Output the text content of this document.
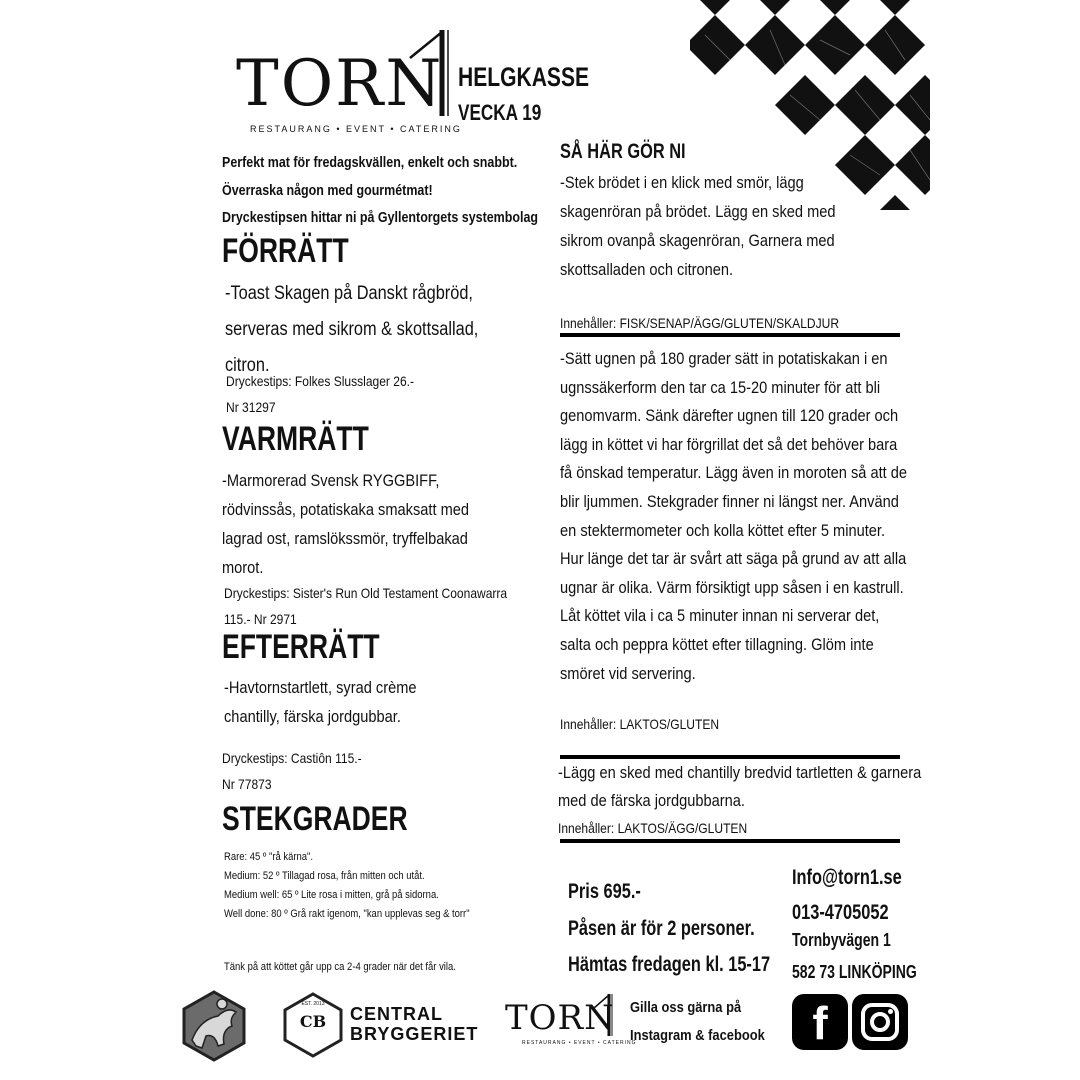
TORN
RESTAURANG • EVENT • CATERING
HELGKASSE
VECKA 19
Perfekt mat för fredagskvällen, enkelt och snabbt.
Överraska någon med gourmétmat!
Dryckestipsen hittar ni på Gyllentorgets systembolag
FÖRRÄTT
-Toast Skagen på Danskt rågbröd,
serveras med sikrom & skottsallad,
citron.
Dryckestips: Folkes Slusslager 26.-
Nr 31297
VARMRÄTT
-Marmorerad Svensk RYGGBIFF,
rödvinssås, potatiskaka smaksatt med
lagrad ost, ramslökssmör, tryffelbakad
morot.
Dryckestips: Sister's Run Old Testament Coonawarra
115.- Nr 2971
EFTERRÄTT
-Havtornstartlett, syrad crème
chantilly, färska jordgubbar.
Dryckestips: Castiôn 115.-
Nr 77873
STEKGRADER
Rare: 45 º "rå kärna".
Medium: 52 º Tillagad rosa, från mitten och utåt.
Medium well: 65 º Lite rosa i mitten, grå på sidorna.
Well done: 80 º Grå rakt igenom, "kan upplevas seg & torr"
Tänk på att köttet går upp ca 2-4 grader när det får vila.
SÅ HÄR GÖR NI
-Stek brödet i en klick med smör, lägg
skagenröran på brödet. Lägg en sked med
sikrom ovanpå skagenröran, Garnera med
skottsalladen och citronen.
Innehåller: FISK/SENAP/ÄGG/GLUTEN/SKALDJUR
-Sätt ugnen på 180 grader sätt in potatiskakan i en
ugnssäkerform den tar ca 15-20 minuter för att bli
genomvarm. Sänk därefter ugnen till 120 grader och
lägg in köttet vi har förgrillat det så det behöver bara
få önskad temperatur. Lägg även in moroten så att de
blir ljummen. Stekgrader finner ni längst ner. Använd
en stektermometer och kolla köttet efter 5 minuter.
Hur länge det tar är svårt att säga på grund av att alla
ugnar är olika. Värm försiktigt upp såsen i en kastrull.
Låt köttet vila i ca 5 minuter innan ni serverar det,
salta och peppra köttet efter tillagning. Glöm inte
smöret vid servering.
Innehåller: LAKTOS/GLUTEN
-Lägg en sked med chantilly bredvid tartletten & garnera
med de färska jordgubbarna.
Innehåller: LAKTOS/ÄGG/GLUTEN
Pris 695.-
Påsen är för 2 personer.
Hämtas fredagen kl. 15-17
Info@torn1.se
013-4705052
Tornbyvägen 1
582 73 LINKÖPING
f
CB
EST. 2013	CENTRAL
BRYGGERIET TORN
RESTAURANG • EVENT • CATERING
Gilla oss gärna på
Instagram & facebook
